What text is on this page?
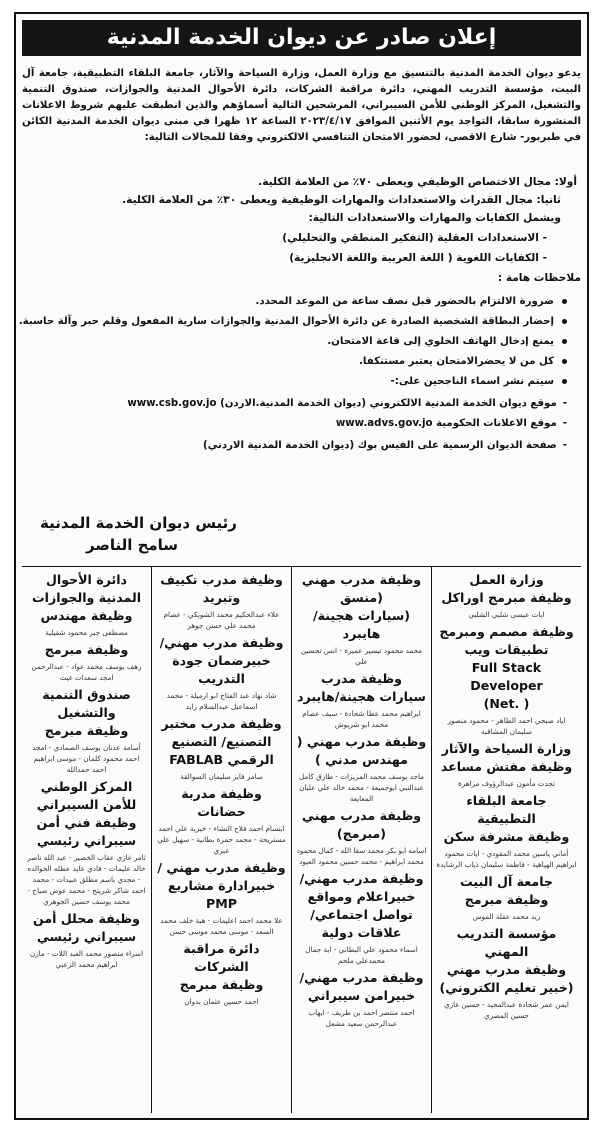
إعلان صادر عن ديوان الخدمة المدنية
يدعو ديوان الخدمة المدنية بالتنسيق مع وزارة العمل، وزارة السياحة والآثار، جامعة البلقاء التطبيقية، جامعة آل البيت، مؤسسة التدريب المهني، دائرة مراقبة الشركات، دائرة الأحوال المدنية والجوازات، صندوق التنمية والتشغيل، المركز الوطني للأمن السيبراني، المرشحين التالية أسماؤهم والذين انطبقت عليهم شروط الاعلانات المنشورة سابقا، التواجد يوم الأثنين الموافق ٢٠٢٣/٤/١٧ الساعة ١٢ ظهرا في مبنى ديوان الخدمة المدنية الكائن في طبربور- شارع الاقصى، لحضور الامتحان التنافسي الالكتروني وفقا للمجالات التالية:
أولا: مجال الاختصاص الوظيفي ويعطى ٧٠٪ من العلامة الكلية.
ثانيا: مجال القدرات والاستعدادات والمهارات الوظيفية ويعطى ٣٠٪ من العلامة الكلية.
ويشمل الكفايات والمهارات والاستعدادات التالية:
- الاستعدادات العقلية (التفكير المنطقي والتحليلي)
- الكفايات اللغوية ( اللغة العربية واللغة الانجليزية)
ملاحظات هامة :
ضرورة الالتزام بالحضور قبل نصف ساعة من الموعد المحدد.
إحضار البطاقة الشخصية الصادرة عن دائرة الأحوال المدنية والجوازات سارية المفعول وقلم حبر وآلة حاسبة.
يمنع إدخال الهاتف الخلوي إلى قاعة الامتحان.
كل من لا يحضرالامتحان يعتبر مستنكفا.
سيتم نشر اسماء الناجحين على:-
-موقع ديوان الخدمة المدنية الالكتروني (ديوان الخدمة المدنية.الاردن) www.csb.gov.jo
-موقع الاعلانات الحكومية www.advs.gov.jo
-صفحة الديوان الرسمية على الفيس بوك (ديوان الخدمة المدنية الاردني)
رئيس ديوان الخدمة المدنية
سامح الناصر
وزارة العمل
وظيفة مبرمج اوراكل
ايات عيسى شلبي الشلبي
وظيفة مصمم ومبرمج
تطبيقات ويب
Full Stack Developer
( .Net)
اياد صبحي احمد الطاهر - محمود منصور سليمان المشاقبة
وزارة السياحة والآثار
وظيفة مفتش مساعد
تجدت مأمون عبدالرؤوف مزاهرة
جامعة البلقاء التطبيقية
وظيفة مشرفة سكن
أماني ياسين محمد المقودي - ايات محمود ابراهيم الهياهية - فاطمة سليمان ذياب الرشايدة
جامعة آل البيت
وظيفة مبرمج
زيد محمد عقلة الموس
مؤسسة التدريب المهني
وظيفة مدرب مهني (خبير تعليم الكتروني)
ايمن عمر شحادة عبدالمجيد - حسين غازي حسين المصري
وظيفة مدرب مهني (منسق
(سيارات هجينة/هايبرد
محمد محمود تيسير عميرة - انس تحسين علي
وظيفة مدرب سيارات هجينة/هايبرد
ابراهيم محمد عطا شحادة - سيف عصام محمد ابو شريوش
وظيفة مدرب مهني ( مهندس مدني )
ماجد يوسف محمد المزيزات - طارق كامل عبدالنبي ابوجميعة - محمد خالد علي عليان المعايعة
وظيفة مدرب مهني (مبرمج)
اسامه ابو بكر محمد سقا الله - كمال محمود محمد ابراهيم - محمد حسين محمود العيود
وظيفة مدرب مهني/ خبيراعلام ومواقع تواصل اجتماعي/علاقات دولية
اسماء محمود علي البطاني - اية جمال محمدعلي ملحم
وظيفة مدرب مهني/ خبيرامن سيبراني
احمد منتصر احمد بن طريف - ايهاب عبدالرحمن سعيد مشعل
وظيفة مدرب تكييف وتبريد
علاء عبدالحكيم محمد الشوبكي - عصام محمد علي حسن جوهر
وظيفة مدرب مهني/خبيرضمان جودة التدريب
شاد نهاد عبد الفتاح ابو ارميلة - محمد اسماعيل عبدالسلام زايد
وظيفة مدرب مختبر التصنيع/ التصنيع الرقمي FABLAB
سامر فايز سليمان السوالقة
وظيفة مدربة حضانات
ابتسام احمد فلاح النشاء - خيرية علي احمد مستريحة - محمد حمزة بطانية - سهيل علي عبري
وظيفة مدرب مهني /خبيرادارة مشاريع PMP
علا محمد احمد اعليمات - هبة خلف محمد السعد - موسى محمد موسى حسن
دائرة مراقبة الشركات
وظيفة مبرمج
احمد حسين عثمان بدوان
دائرة الأحوال المدنية والجوازات
وظيفة مهندس
مصطفى جبر محمود شقيلية
وظيفة مبرمج
رهف يوسف محمد عواد - عبدالرحمن امجد سعدات غيث
صندوق التنمية والتشغيل
وظيفة مبرمج
أسامة عدنان يوسف الصمادي - امجد احمد محمود كلمان - موسى ابراهيم احمد حمدالله
المركز الوطني للأمن السيبراني
وظيفة فني أمن سيبراني رئيسي
ثامر غازي عقاب الخصير - عبد الله ناصر خالد عليمات - فادي عايد عطله الخوالده - مجدي باسم مطلق عبيدات - محمد احمد شاكر شريتح - محمد عوض صياح - محمد يوسف حسين الجوهري
وظيفة محلل أمن سيبراني رئيسي
اسراء منصور محمد العبد اللات - مازن ابراهيم محمد الزعبي
